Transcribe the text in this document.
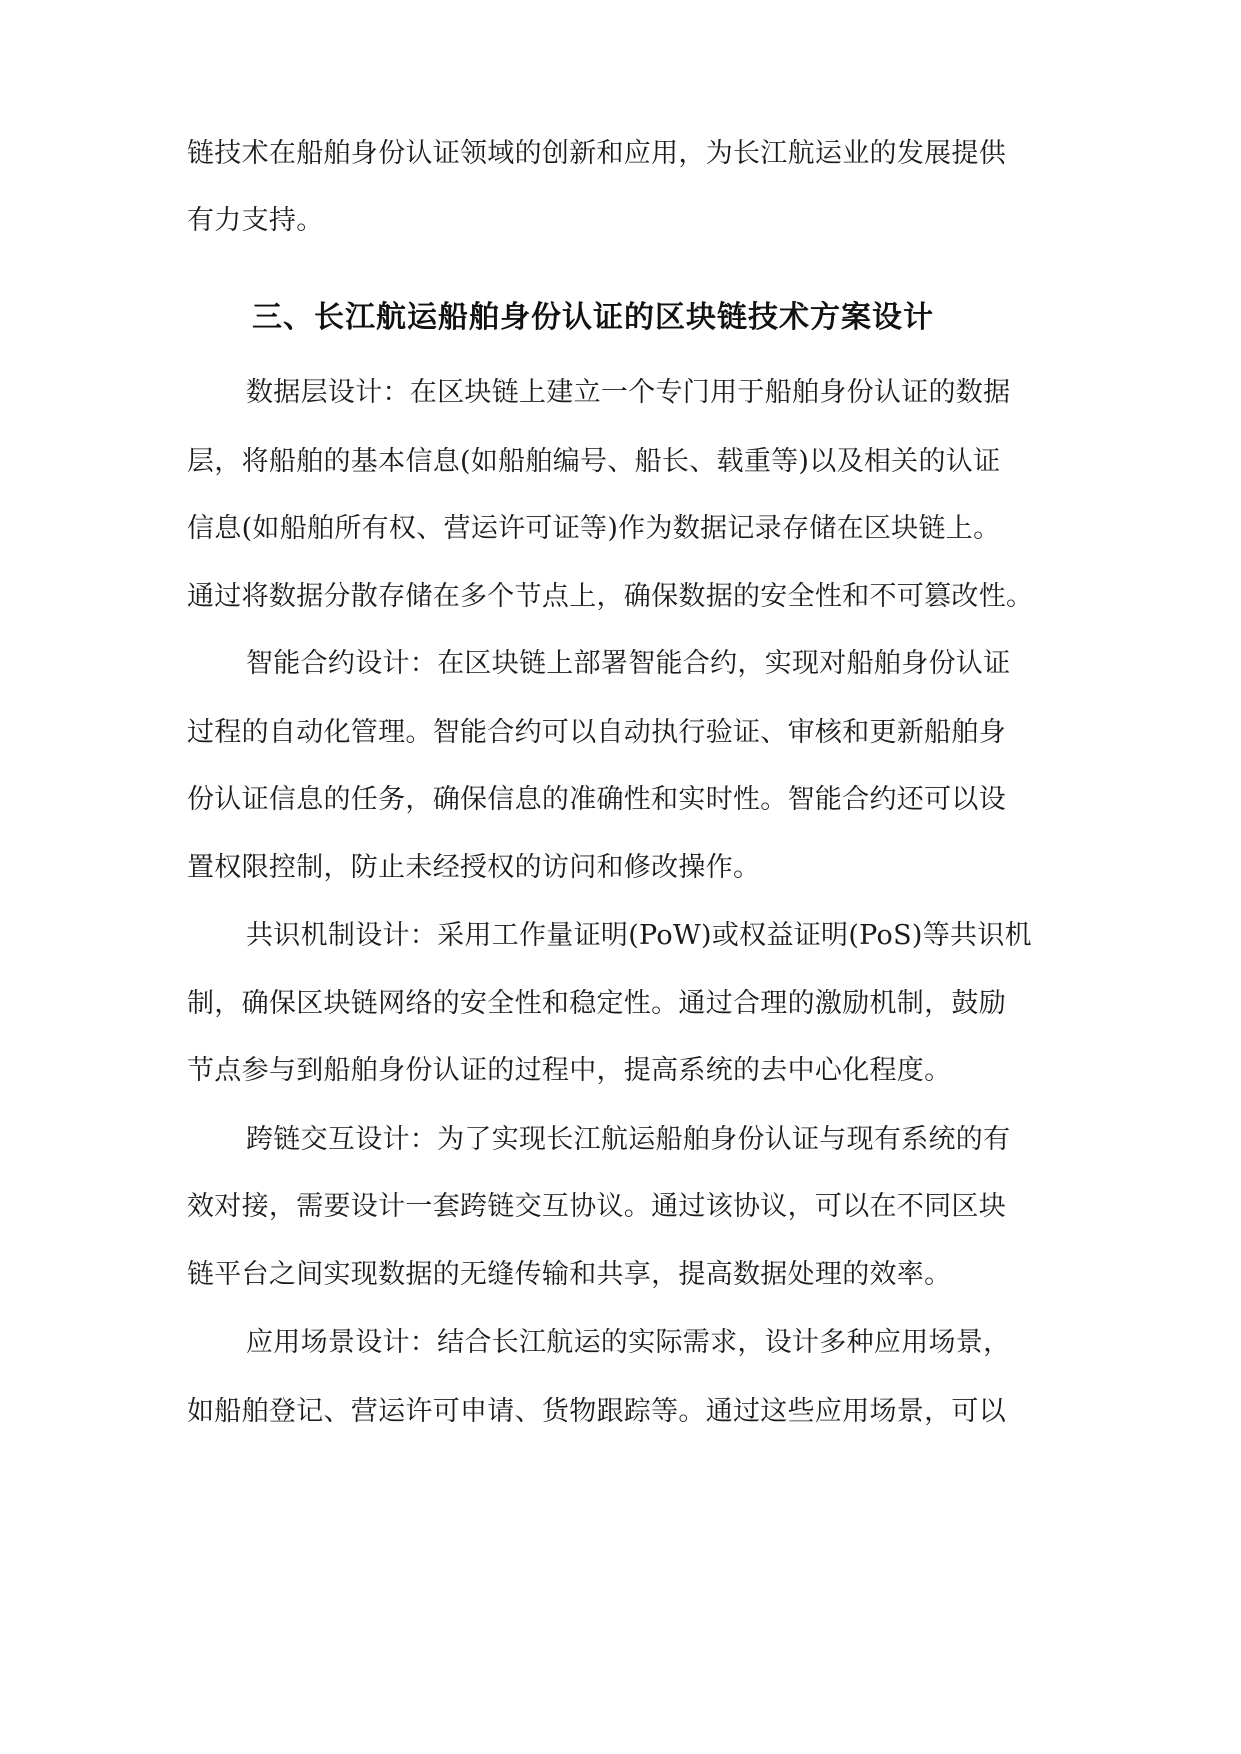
链技术在船舶身份认证领域的创新和应用，为长江航运业的发展提供
有力支持。
三、长江航运船舶身份认证的区块链技术方案设计
数据层设计：在区块链上建立一个专门用于船舶身份认证的数据
层，将船舶的基本信息(如船舶编号、船长、载重等)以及相关的认证
信息(如船舶所有权、营运许可证等)作为数据记录存储在区块链上。
通过将数据分散存储在多个节点上，确保数据的安全性和不可篡改性。
智能合约设计：在区块链上部署智能合约，实现对船舶身份认证
过程的自动化管理。智能合约可以自动执行验证、审核和更新船舶身
份认证信息的任务，确保信息的准确性和实时性。智能合约还可以设
置权限控制，防止未经授权的访问和修改操作。
共识机制设计：采用工作量证明(PoW)或权益证明(PoS)等共识机
制，确保区块链网络的安全性和稳定性。通过合理的激励机制，鼓励
节点参与到船舶身份认证的过程中，提高系统的去中心化程度。
跨链交互设计：为了实现长江航运船舶身份认证与现有系统的有
效对接，需要设计一套跨链交互协议。通过该协议，可以在不同区块
链平台之间实现数据的无缝传输和共享，提高数据处理的效率。
应用场景设计：结合长江航运的实际需求，设计多种应用场景，
如船舶登记、营运许可申请、货物跟踪等。通过这些应用场景，可以
